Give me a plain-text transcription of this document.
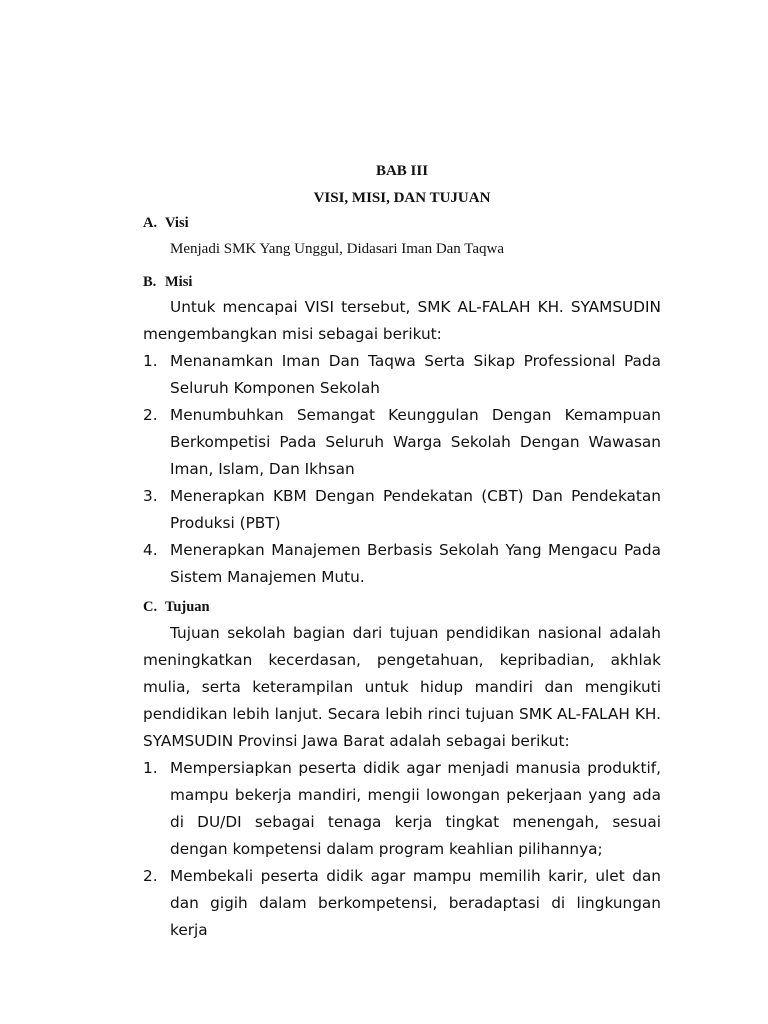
BAB III

VISI, MISI, DAN TUJUAN

A. Visi

Menjadi SMK Yang Unggul, Didasari Iman Dan Taqwa

B. Misi

Untuk mencapai VISI tersebut, SMK AL-FALAH KH. SYAMSUDIN mengembangkan misi sebagai berikut:

1. Menanamkan Iman Dan Taqwa Serta Sikap Professional Pada Seluruh Komponen Sekolah
2. Menumbuhkan Semangat Keunggulan Dengan Kemampuan Berkompetisi Pada Seluruh Warga Sekolah Dengan Wawasan Iman, Islam, Dan Ikhsan
3. Menerapkan KBM Dengan Pendekatan (CBT) Dan Pendekatan Produksi (PBT)
4. Menerapkan Manajemen Berbasis Sekolah Yang Mengacu Pada Sistem Manajemen Mutu.
C. Tujuan

Tujuan sekolah bagian dari tujuan pendidikan nasional adalah meningkatkan kecerdasan, pengetahuan, kepribadian, akhlak mulia, serta keterampilan untuk hidup mandiri dan mengikuti pendidikan lebih lanjut. Secara lebih rinci tujuan SMK AL-FALAH KH. SYAMSUDIN Provinsi Jawa Barat adalah sebagai berikut:

1. Mempersiapkan peserta didik agar menjadi manusia produktif, mampu bekerja mandiri, mengii lowongan pekerjaan yang ada di DU/DI sebagai tenaga kerja tingkat menengah, sesuai dengan kompetensi dalam program keahlian pilihannya;
2. Membekali peserta didik agar mampu memilih karir, ulet dan dan gigih dalam berkompetensi, beradaptasi di lingkungan kerja
